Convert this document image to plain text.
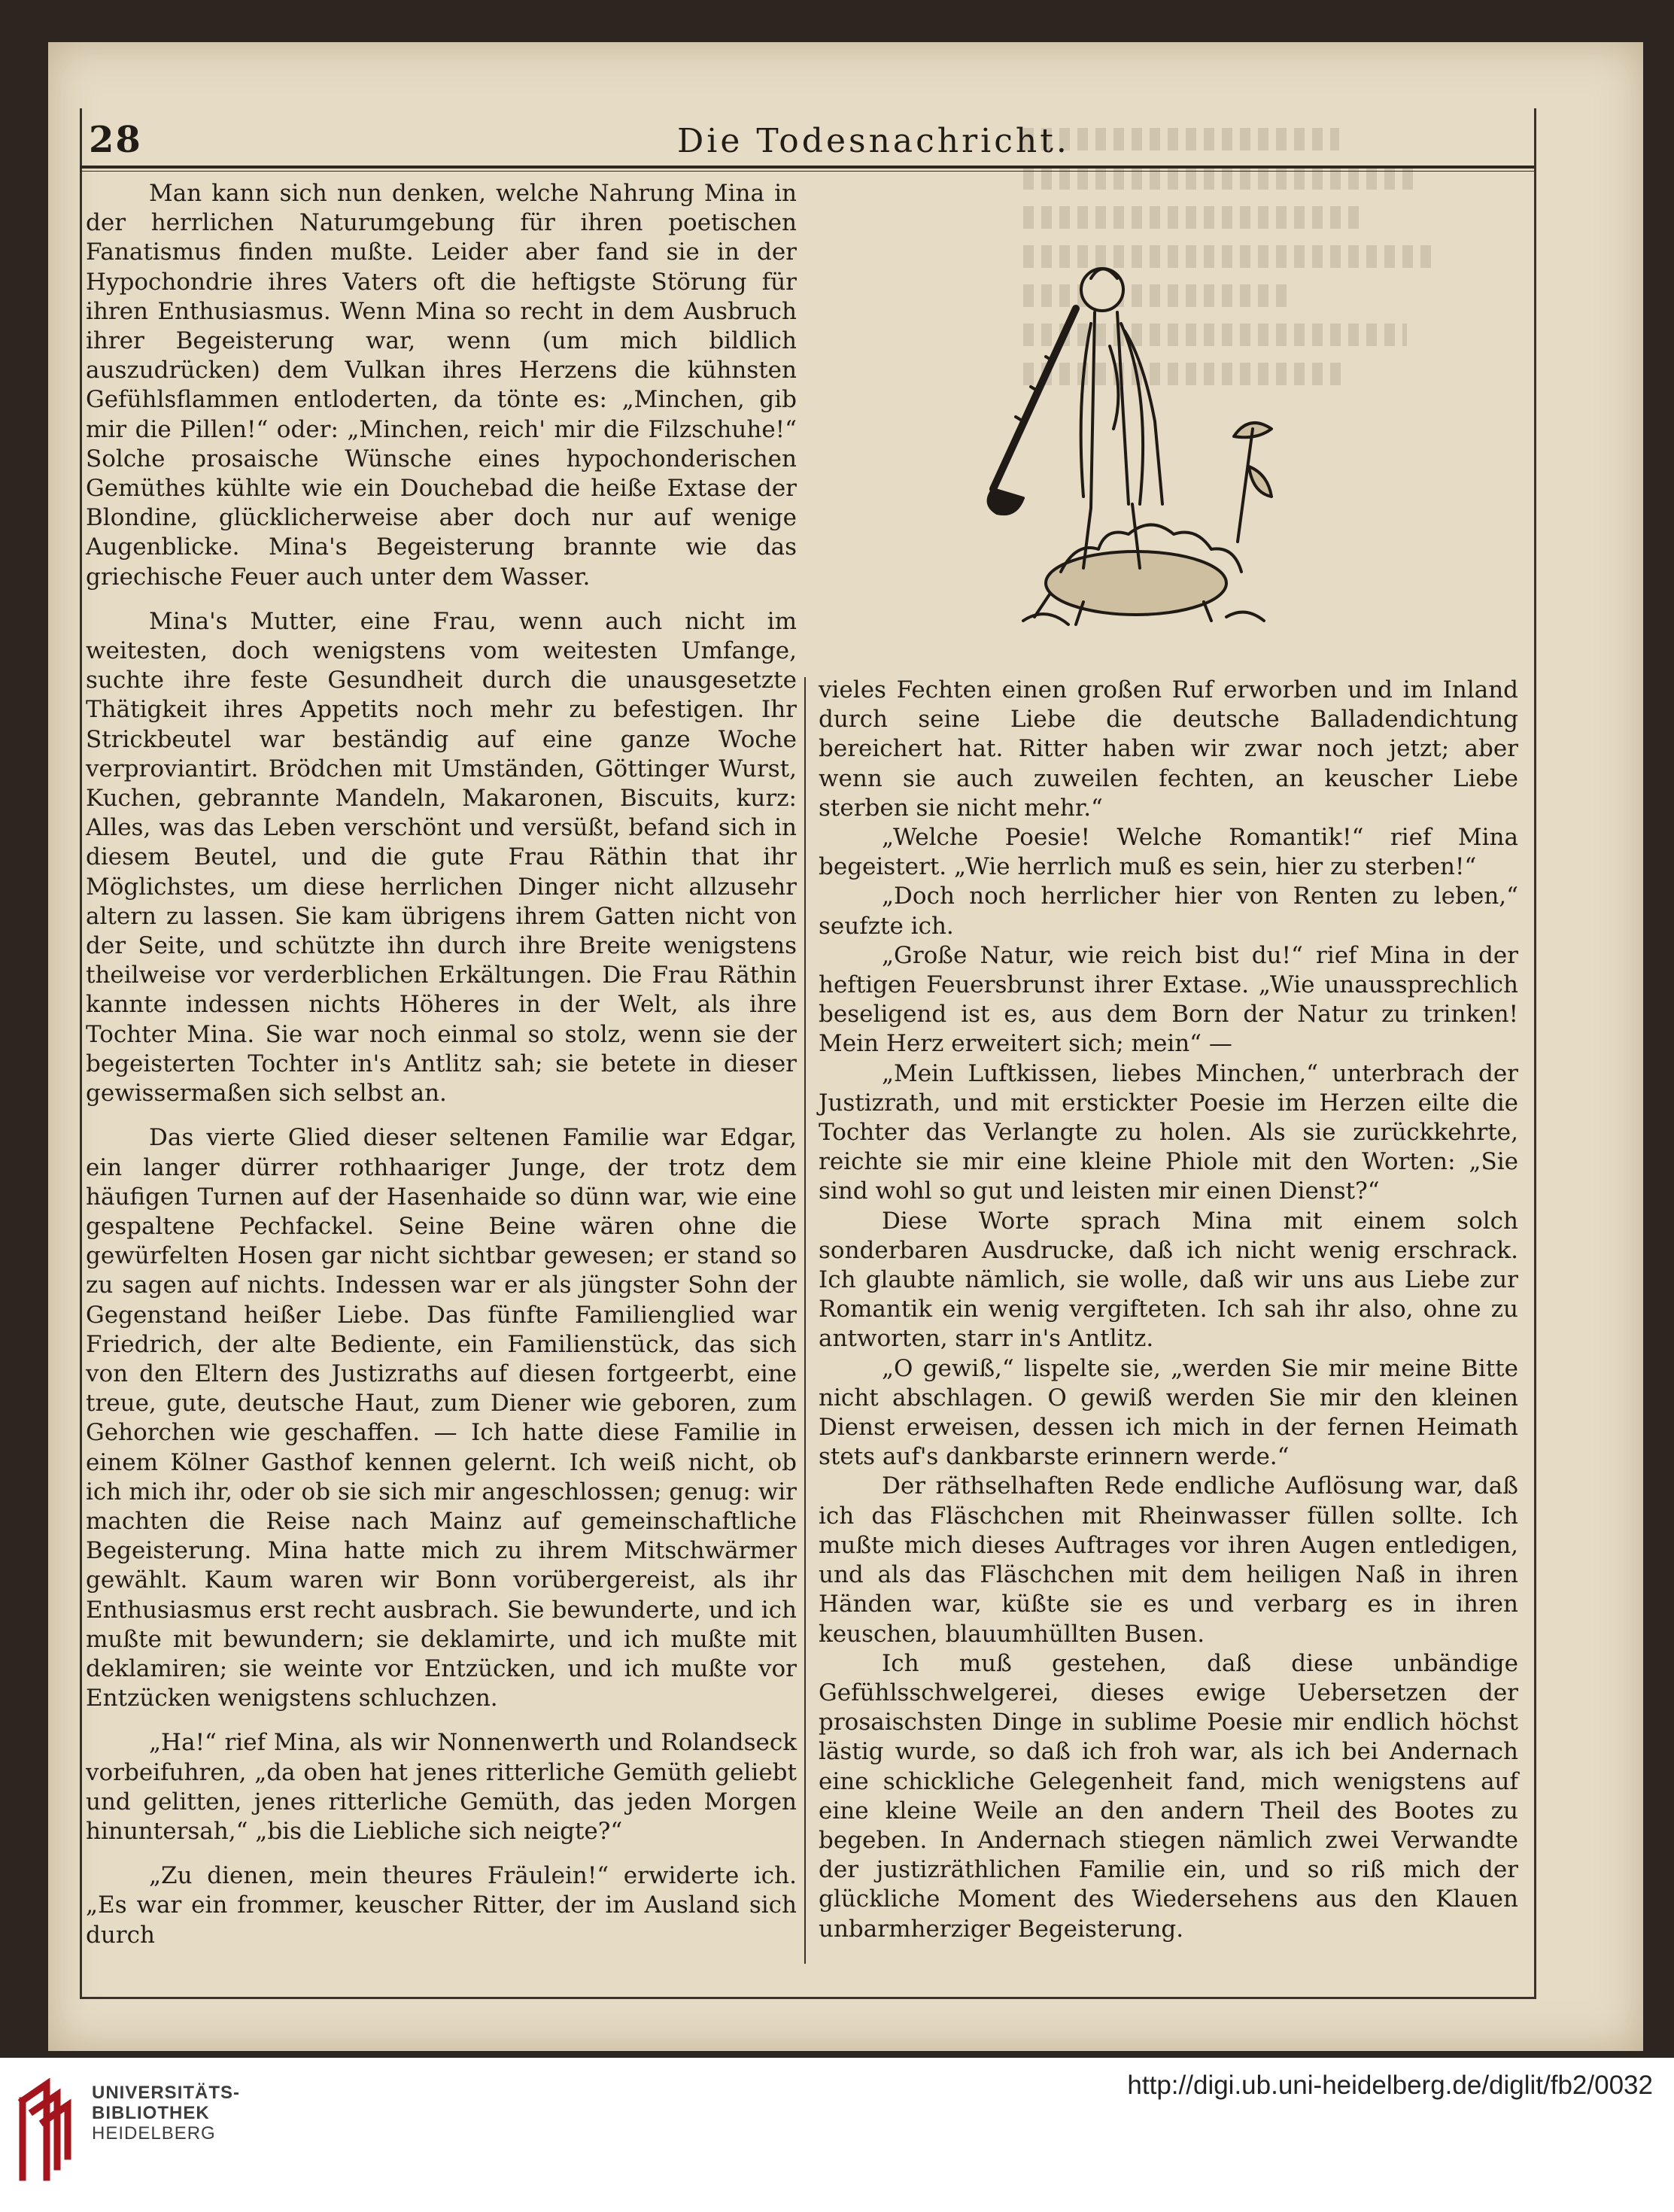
28	Die Todesnachricht.

Man kann sich nun denken, welche Nahrung Mina in der herrlichen Naturumgebung für ihren poetischen Fanatismus finden mußte. Leider aber fand sie in der Hypochondrie ihres Vaters oft die heftigste Störung für ihren Enthusiasmus. Wenn Mina so recht in dem Ausbruch ihrer Begeisterung war, wenn (um mich bildlich auszudrücken) dem Vulkan ihres Herzens die kühnsten Gefühlsflammen entloderten, da tönte es: „Minchen, gib mir die Pillen!“ oder: „Minchen, reich' mir die Filzschuhe!“ Solche prosaische Wünsche eines hypochonderischen Gemüthes kühlte wie ein Douchebad die heiße Extase der Blondine, glücklicherweise aber doch nur auf wenige Augenblicke. Mina's Begeisterung brannte wie das griechische Feuer auch unter dem Wasser.

Mina's Mutter, eine Frau, wenn auch nicht im weitesten, doch wenigstens vom weitesten Umfange, suchte ihre feste Gesundheit durch die unausgesetzte Thätigkeit ihres Appetits noch mehr zu befestigen. Ihr Strickbeutel war beständig auf eine ganze Woche verproviantirt. Brödchen mit Umständen, Göttinger Wurst, Kuchen, gebrannte Mandeln, Makaronen, Biscuits, kurz: Alles, was das Leben verschönt und versüßt, befand sich in diesem Beutel, und die gute Frau Räthin that ihr Möglichstes, um diese herrlichen Dinger nicht allzusehr altern zu lassen. Sie kam übrigens ihrem Gatten nicht von der Seite, und schützte ihn durch ihre Breite wenigstens theilweise vor verderblichen Erkältungen. Die Frau Räthin kannte indessen nichts Höheres in der Welt, als ihre Tochter Mina. Sie war noch einmal so stolz, wenn sie der begeisterten Tochter in's Antlitz sah; sie betete in dieser gewissermaßen sich selbst an.

Das vierte Glied dieser seltenen Familie war Edgar, ein langer dürrer rothhaariger Junge, der trotz dem häufigen Turnen auf der Hasenhaide so dünn war, wie eine gespaltene Pechfackel. Seine Beine wären ohne die gewürfelten Hosen gar nicht sichtbar gewesen; er stand so zu sagen auf nichts. Indessen war er als jüngster Sohn der Gegenstand heißer Liebe. Das fünfte Familienglied war Friedrich, der alte Bediente, ein Familienstück, das sich von den Eltern des Justizraths auf diesen fortgeerbt, eine treue, gute, deutsche Haut, zum Diener wie geboren, zum Gehorchen wie geschaffen. — Ich hatte diese Familie in einem Kölner Gasthof kennen gelernt. Ich weiß nicht, ob ich mich ihr, oder ob sie sich mir angeschlossen; genug: wir machten die Reise nach Mainz auf gemeinschaftliche Begeisterung. Mina hatte mich zu ihrem Mitschwärmer gewählt. Kaum waren wir Bonn vorübergereist, als ihr Enthusiasmus erst recht ausbrach. Sie bewunderte, und ich mußte mit bewundern; sie deklamirte, und ich mußte mit deklamiren; sie weinte vor Entzücken, und ich mußte vor Entzücken wenigstens schluchzen.

„Ha!“ rief Mina, als wir Nonnenwerth und Rolandseck vorbeifuhren, „da oben hat jenes ritterliche Gemüth geliebt und gelitten, jenes ritterliche Gemüth, das jeden Morgen hinuntersah,“ „bis die Liebliche sich neigte?“

„Zu dienen, mein theures Fräulein!“ erwiderte ich. „Es war ein frommer, keuscher Ritter, der im Ausland sich durch

vieles Fechten einen großen Ruf erworben und im Inland durch seine Liebe die deutsche Balladendichtung bereichert hat. Ritter haben wir zwar noch jetzt; aber wenn sie auch zuweilen fechten, an keuscher Liebe sterben sie nicht mehr.“

„Welche Poesie! Welche Romantik!“ rief Mina begeistert. „Wie herrlich muß es sein, hier zu sterben!“

„Doch noch herrlicher hier von Renten zu leben,“ seufzte ich.

„Große Natur, wie reich bist du!“ rief Mina in der heftigen Feuersbrunst ihrer Extase. „Wie unaussprechlich beseligend ist es, aus dem Born der Natur zu trinken! Mein Herz erweitert sich; mein“ —

„Mein Luftkissen, liebes Minchen,“ unterbrach der Justizrath, und mit erstickter Poesie im Herzen eilte die Tochter das Verlangte zu holen. Als sie zurückkehrte, reichte sie mir eine kleine Phiole mit den Worten: „Sie sind wohl so gut und leisten mir einen Dienst?“

Diese Worte sprach Mina mit einem solch sonderbaren Ausdrucke, daß ich nicht wenig erschrack. Ich glaubte nämlich, sie wolle, daß wir uns aus Liebe zur Romantik ein wenig vergifteten. Ich sah ihr also, ohne zu antworten, starr in's Antlitz.

„O gewiß,“ lispelte sie, „werden Sie mir meine Bitte nicht abschlagen. O gewiß werden Sie mir den kleinen Dienst erweisen, dessen ich mich in der fernen Heimath stets auf's dankbarste erinnern werde.“

Der räthselhaften Rede endliche Auflösung war, daß ich das Fläschchen mit Rheinwasser füllen sollte. Ich mußte mich dieses Auftrages vor ihren Augen entledigen, und als das Fläschchen mit dem heiligen Naß in ihren Händen war, küßte sie es und verbarg es in ihren keuschen, blauumhüllten Busen.

Ich muß gestehen, daß diese unbändige Gefühlsschwelgerei, dieses ewige Uebersetzen der prosaischsten Dinge in sublime Poesie mir endlich höchst lästig wurde, so daß ich froh war, als ich bei Andernach eine schickliche Gelegenheit fand, mich wenigstens auf eine kleine Weile an den andern Theil des Bootes zu begeben. In Andernach stiegen nämlich zwei Verwandte der justizräthlichen Familie ein, und so riß mich der glückliche Moment des Wiedersehens aus den Klauen unbarmherziger Begeisterung.

UNIVERSITÄTS-
BIBLIOTHEK
HEIDELBERG
http://digi.ub.uni-heidelberg.de/diglit/fb2/0032
